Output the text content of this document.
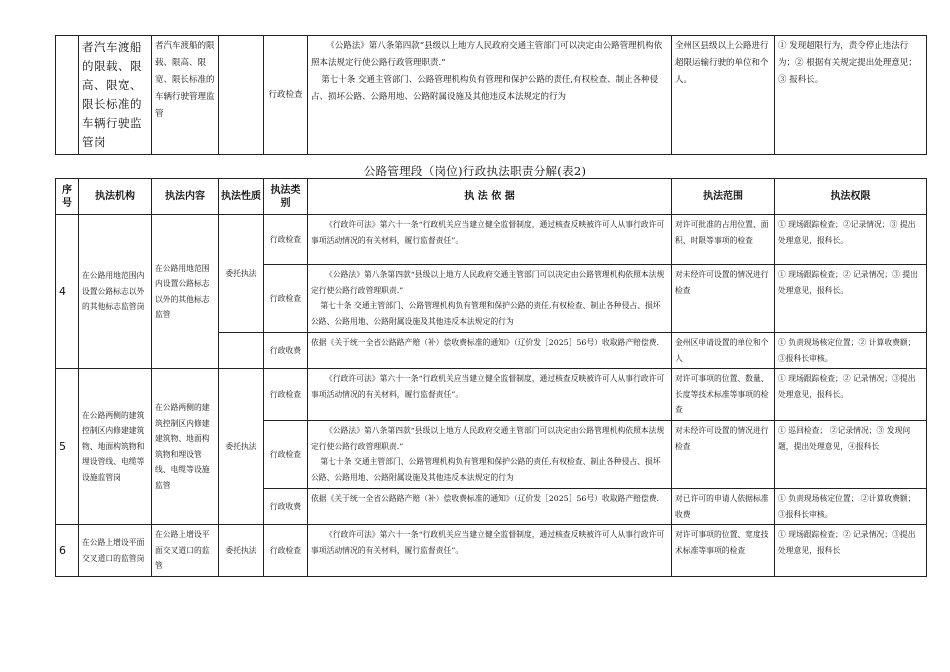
	者汽车渡船的限载、限高、限宽、限长标准的车辆行驶监管岗	者汽车渡船的限载、限高、限宽、限长标准的车辆行驶管理监管		行政检查	

《公路法》第八条第四款“县级以上地方人民政府交通主管部门可以决定由公路管理机构依照本法规定行使公路行政管理职责.”

第七十条 交通主管部门、公路管理机构负有管理和保护公路的责任,有权检查、制止各种侵占、损坏公路、公路用地、公路附属设施及其他违反本法规定的行为

	全州区县级以上公路进行超限运输行驶的单位和个人。	① 发现超限行为，责令停止违法行为；② 根据有关规定提出处理意见；③ 报科长。
公路管理段（岗位)行政执法职责分解(表2)
序号	执法机构	执法内容	执法性质	执法类别	执 法 依 据	执法范围	执法权限
4	在公路用地范围内设置公路标志以外的其他标志监管岗	在公路用地范围内设置公路标志以外的其他标志监管	委托执法	行政检查	《行政许可法》第六十一条“行政机关应当建立健全监督制度，通过核查反映被许可人从事行政许可事项活动情况的有关材料，履行监督责任”。	对许可批准的占用位置、面积、时限等事项的检查	① 现场跟踪检查；②记录情况；③ 提出处理意见，报科长。
				行政检查	《公路法》第八条第四款“县级以上地方人民政府交通主管部门可以决定由公路管理机构依照本法规定行使公路行政管理职责.”

第七十条 交通主管部门、公路管理机构负有管理和保护公路的责任,有权检查、制止各种侵占、损坏公路、公路用地、公路附属设施及其他违反本法规定的行为	对未经许可设置的情况进行检查	① 现场跟踪检查；② 记录情况；③ 提出处理意见，报科长。
				行政收费	依据《关于统一全省公路路产赔（补）偿收费标准的通知》（辽价发［2025］56号）收取路产赔偿费.	金州区申请设置的单位和个人	① 负责现场核定位置；② 计算收费额；③报科长审核。
5	在公路两侧的建筑控制区内修建建筑物、地面构筑物和埋设管线、电缆等设施监管岗	在公路两侧的建筑控制区内修建建筑物、地面构筑物和埋设管线、电缆等设施监管	委托执法	行政检查	《行政许可法》第六十一条“行政机关应当建立健全监督制度，通过核查反映被许可人从事行政许可事项活动情况的有关材料，履行监督责任”。	对许可事项的位置、数量、长度等技术标准等事项的检查	① 现场跟踪检查；② 记录情况；③提出处理意见，报科长。
				行政检查	《公路法》第八条第四款“县级以上地方人民政府交通主管部门可以决定由公路管理机构依照本法规定行使公路行政管理职责.”

第七十条 交通主管部门、公路管理机构负有管理和保护公路的责任,有权检查、制止各种侵占、损坏公路、公路用地、公路附属设施及其他违反本法规定的行为	对未经许可设置的情况进行检查	① 巡回检查； ②记录情况；③ 发现问题，提出处理意见，④报科长
				行政收费	依据《关于统一全省公路路产赔（补）偿收费标准的通知》（辽价发［2025］56号）收取路产赔偿费.	对已许可的申请人依据标准收费	① 负责现场核定位置； ②计算收费额； ③报科长审核。
6	在公路上增设平面交叉道口的监管岗	在公路上增设平面交叉道口的监管	委托执法	行政检查	《行政许可法》第六十一条“行政机关应当建立健全监督制度，通过核查反映被许可人从事行政许可事项活动情况的有关材料，履行监督责任”。	对许可事项的位置、宽度技术标准等事项的检查	① 现场跟踪检查；② 记录情况；③提出处理意见，报科长
